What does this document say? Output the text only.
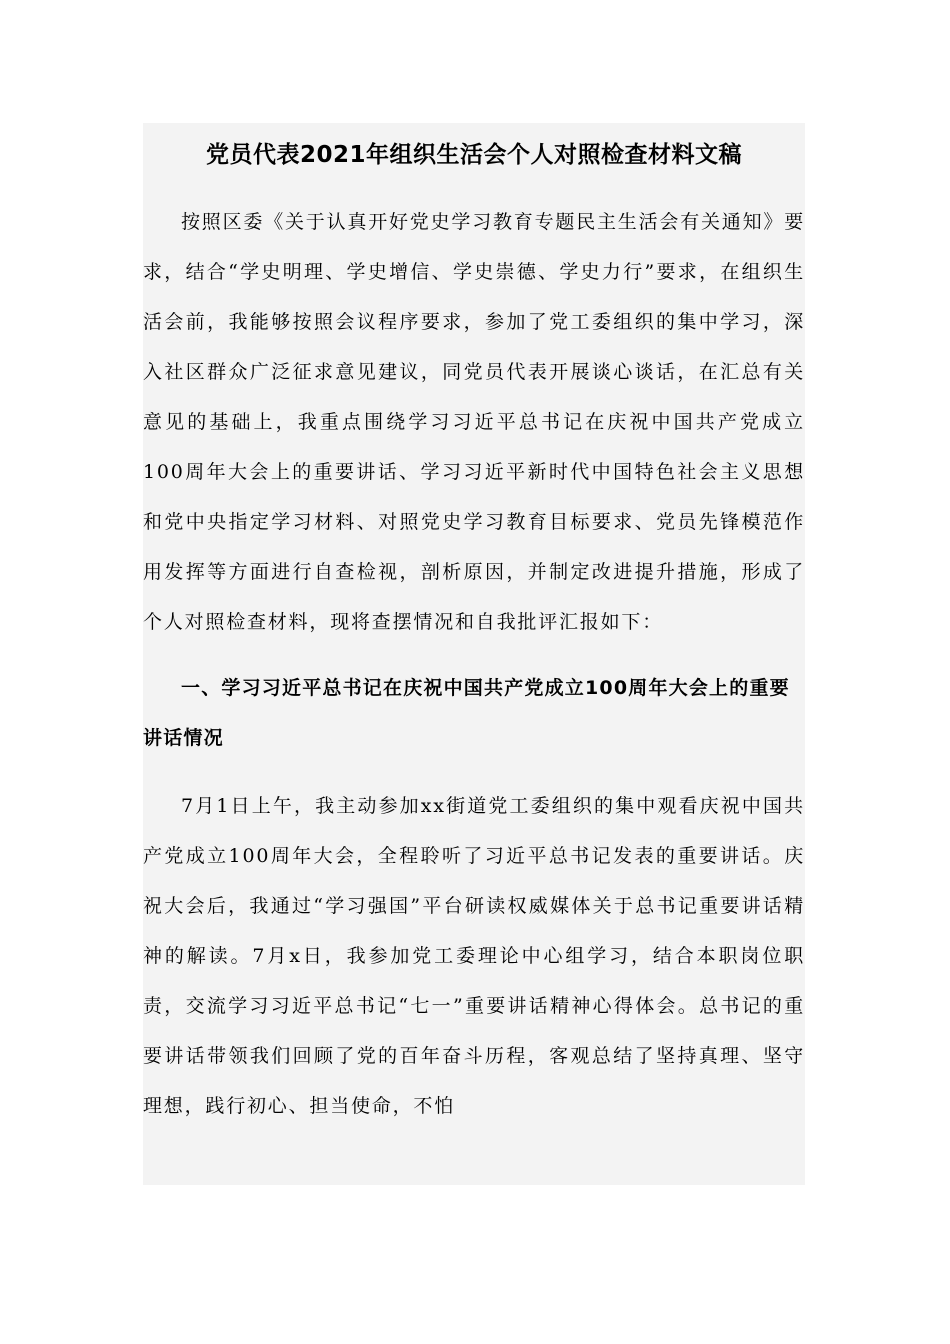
党员代表2021年组织生活会个人对照检查材料文稿

按照区委《关于认真开好党史学习教育专题民主生活会有关通知》要求，结合“学史明理、学史增信、学史崇德、学史力行”要求，在组织生活会前，我能够按照会议程序要求，参加了党工委组织的集中学习，深入社区群众广泛征求意见建议，同党员代表开展谈心谈话，在汇总有关意见的基础上，我重点围绕学习习近平总书记在庆祝中国共产党成立100周年大会上的重要讲话、学习习近平新时代中国特色社会主义思想和党中央指定学习材料、对照党史学习教育目标要求、党员先锋模范作用发挥等方面进行自查检视，剖析原因，并制定改进提升措施，形成了个人对照检查材料，现将查摆情况和自我批评汇报如下：

一、学习习近平总书记在庆祝中国共产党成立100周年大会上的重要讲话情况

7月1日上午，我主动参加xx街道党工委组织的集中观看庆祝中国共产党成立100周年大会，全程聆听了习近平总书记发表的重要讲话。庆祝大会后，我通过“学习强国”平台研读权威媒体关于总书记重要讲话精神的解读。7月x日，我参加党工委理论中心组学习，结合本职岗位职责，交流学习习近平总书记“七一”重要讲话精神心得体会。总书记的重要讲话带领我们回顾了党的百年奋斗历程，客观总结了坚持真理、坚守理想，践行初心、担当使命，不怕
